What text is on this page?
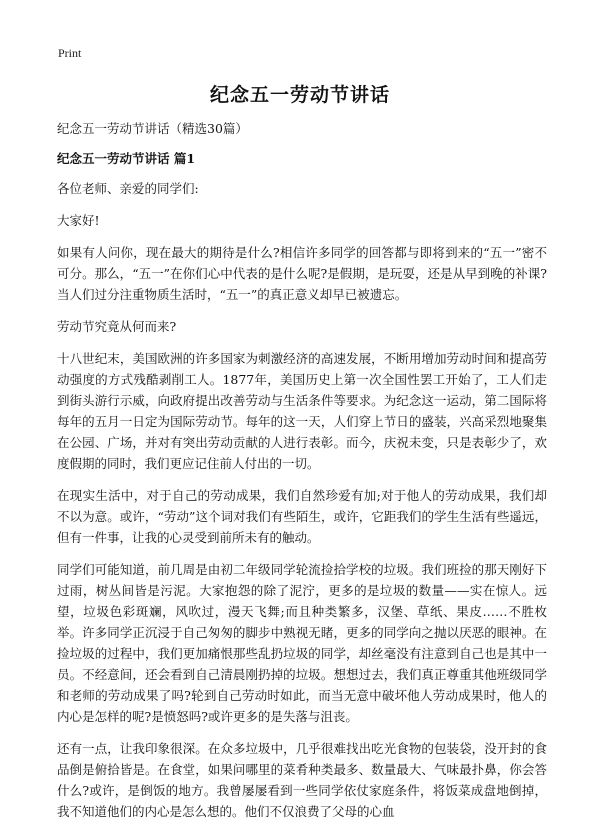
Print
纪念五一劳动节讲话

纪念五一劳动节讲话（精选30篇）

纪念五一劳动节讲话 篇1

各位老师、亲爱的同学们:

大家好!

如果有人问你，现在最大的期待是什么?相信许多同学的回答都与即将到来的“五一”密不可分。那么，“五一”在你们心中代表的是什么呢?是假期，是玩耍，还是从早到晚的补课?当人们过分注重物质生活时，“五一”的真正意义却早已被遗忘。

劳动节究竟从何而来?

十八世纪末，美国欧洲的许多国家为刺激经济的高速发展，不断用增加劳动时间和提高劳动强度的方式残酷剥削工人。1877年，美国历史上第一次全国性罢工开始了，工人们走到街头游行示威，向政府提出改善劳动与生活条件等要求。为纪念这一运动，第二国际将每年的五月一日定为国际劳动节。每年的这一天，人们穿上节日的盛装，兴高采烈地聚集在公园、广场，并对有突出劳动贡献的人进行表彰。而今，庆祝未变，只是表彰少了，欢度假期的同时，我们更应记住前人付出的一切。

在现实生活中，对于自己的劳动成果，我们自然珍爱有加;对于他人的劳动成果，我们却不以为意。或许，“劳动”这个词对我们有些陌生，或许，它距我们的学生生活有些遥远，但有一件事，让我的心灵受到前所未有的触动。

同学们可能知道，前几周是由初二年级同学轮流捡拾学校的垃圾。我们班捡的那天刚好下过雨，树丛间皆是污泥。大家抱怨的除了泥泞，更多的是垃圾的数量——实在惊人。远望，垃圾色彩斑斓，风吹过，漫天飞舞;而且种类繁多，汉堡、草纸、果皮……不胜枚举。许多同学正沉浸于自己匆匆的脚步中熟视无睹，更多的同学向之抛以厌恶的眼神。在捡垃圾的过程中，我们更加痛恨那些乱扔垃圾的同学，却丝毫没有注意到自己也是其中一员。不经意间，还会看到自己清晨刚扔掉的垃圾。想想过去，我们真正尊重其他班级同学和老师的劳动成果了吗?轮到自己劳动时如此，而当无意中破坏他人劳动成果时，他人的内心是怎样的呢?是愤怒吗?或许更多的是失落与沮丧。

还有一点，让我印象很深。在众多垃圾中，几乎很难找出吃光食物的包装袋，没开封的食品倒是俯拾皆是。在食堂，如果问哪里的菜肴种类最多、数量最大、气味最扑鼻，你会答什么?或许，是倒饭的地方。我曾屡屡看到一些同学依仗家庭条件，将饭菜成盘地倒掉，我不知道他们的内心是怎么想的。他们不仅浪费了父母的心血
